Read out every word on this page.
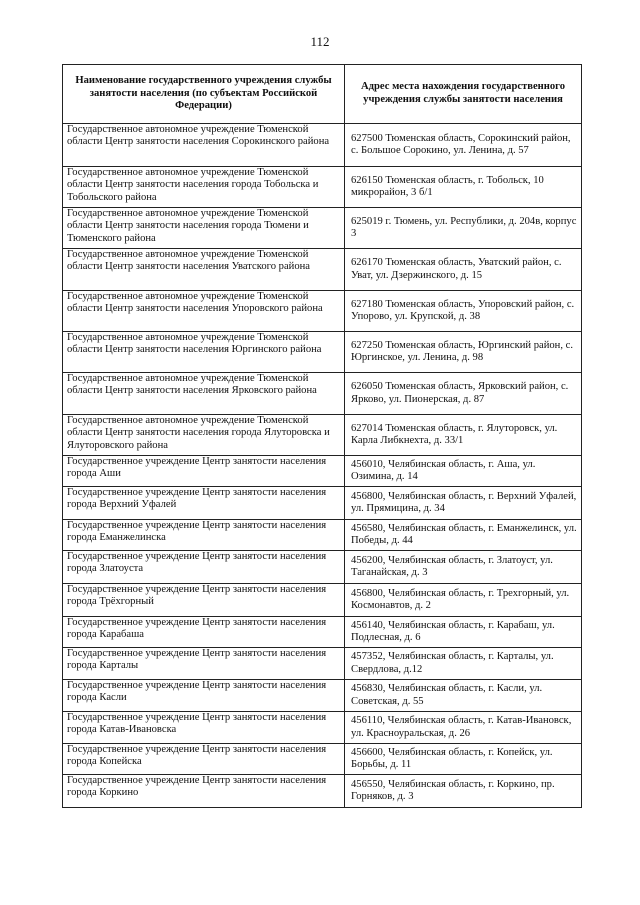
112
Наименование государственного учреждения службы занятости населения (по субъектам Российской Федерации)	Адрес места нахождения государственного учреждения службы занятости населения
Государственное автономное учреждение Тюменской области Центр занятости населения Сорокинского района	627500 Тюменская область, Сорокинский район, с. Большое Сорокино, ул. Ленина, д. 57
Государственное автономное учреждение Тюменской области Центр занятости населения города Тобольска и Тобольского района	626150 Тюменская область, г. Тобольск, 10 микрорайон, 3 б/1
Государственное автономное учреждение Тюменской области Центр занятости населения города Тюмени и Тюменского района	625019 г. Тюмень, ул. Республики, д. 204в, корпус 3
Государственное автономное учреждение Тюменской области Центр занятости населения Уватского района	626170 Тюменская область, Уватский район, с. Уват, ул. Дзержинского, д. 15
Государственное автономное учреждение Тюменской области Центр занятости населения Упоровского района	627180 Тюменская область, Упоровский район, с. Упорово, ул. Крупской, д. 38
Государственное автономное учреждение Тюменской области Центр занятости населения Юргинского района	627250 Тюменская область, Юргинский район, с. Юргинское, ул. Ленина, д. 98
Государственное автономное учреждение Тюменской области Центр занятости населения Ярковского района	626050 Тюменская область, Ярковский район, с. Ярково, ул. Пионерская, д. 87
Государственное автономное учреждение Тюменской области Центр занятости населения города Ялуторовска и Ялуторовского района	627014 Тюменская область, г. Ялуторовск, ул. Карла Либкнехта, д. 33/1
Государственное учреждение Центр занятости населения города Аши	456010, Челябинская область, г. Аша, ул. Озимина, д. 14
Государственное учреждение Центр занятости населения города Верхний Уфалей	456800, Челябинская область, г. Верхний Уфалей, ул. Прямицина, д. 34
Государственное учреждение Центр занятости населения города Еманжелинска	456580, Челябинская область, г. Еманжелинск, ул. Победы, д. 44
Государственное учреждение Центр занятости населения города Златоуста	456200, Челябинская область, г. Златоуст, ул. Таганайская, д. 3
Государственное учреждение Центр занятости населения города Трёхгорный	456800, Челябинская область, г. Трехгорный, ул. Космонавтов, д. 2
Государственное учреждение Центр занятости населения города Карабаша	456140, Челябинская область, г. Карабаш, ул. Подлесная, д. 6
Государственное учреждение Центр занятости населения города Карталы	457352, Челябинская область, г. Карталы, ул. Свердлова, д.12
Государственное учреждение Центр занятости населения города Касли	456830, Челябинская область, г. Касли, ул. Советская, д. 55
Государственное учреждение Центр занятости населения города Катав-Ивановска	456110, Челябинская область, г. Катав-Ивановск, ул. Красноуральская, д. 26
Государственное учреждение Центр занятости населения города Копейска	456600, Челябинская область, г. Копейск, ул. Борьбы, д. 11
Государственное учреждение Центр занятости населения города Коркино	456550, Челябинская область, г. Коркино, пр. Горняков, д. 3
